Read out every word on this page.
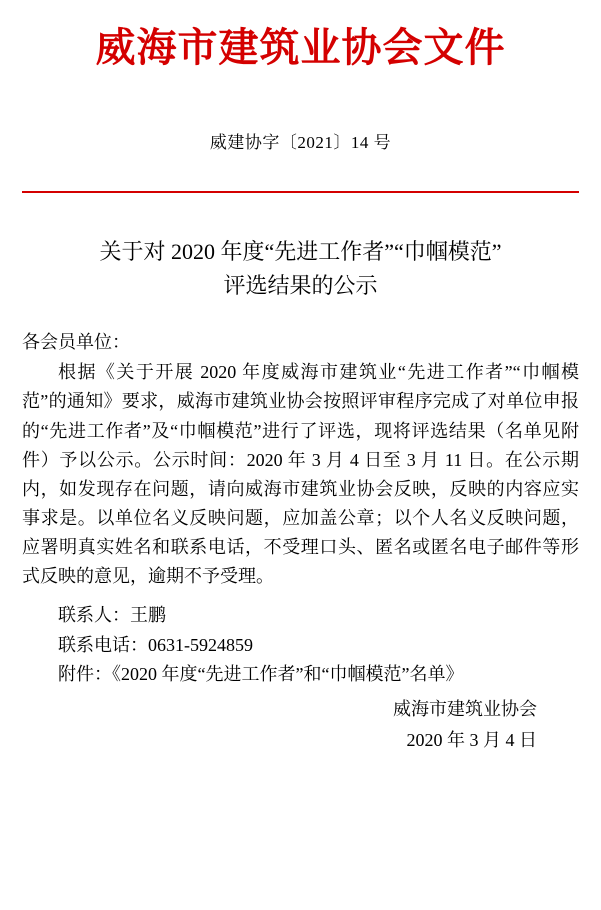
威海市建筑业协会文件
威建协字〔2021〕14 号
关于对 2020 年度“先进工作者”“巾帼模范”
评选结果的公示
各会员单位：

根据《关于开展 2020 年度威海市建筑业“先进工作者”“巾帼模范”的通知》要求，威海市建筑业协会按照评审程序完成了对单位申报的“先进工作者”及“巾帼模范”进行了评选，现将评选结果（名单见附件）予以公示。公示时间：2020 年 3 月 4 日至 3 月 11 日。在公示期内，如发现存在问题，请向威海市建筑业协会反映，反映的内容应实事求是。以单位名义反映问题，应加盖公章；以个人名义反映问题，应署明真实姓名和联系电话，不受理口头、匿名或匿名电子邮件等形式反映的意见，逾期不予受理。

联系人：王鹏
联系电话：0631-5924859
附件：《2020 年度“先进工作者”和“巾帼模范”名单》
威海市建筑业协会
2020 年 3 月 4 日
